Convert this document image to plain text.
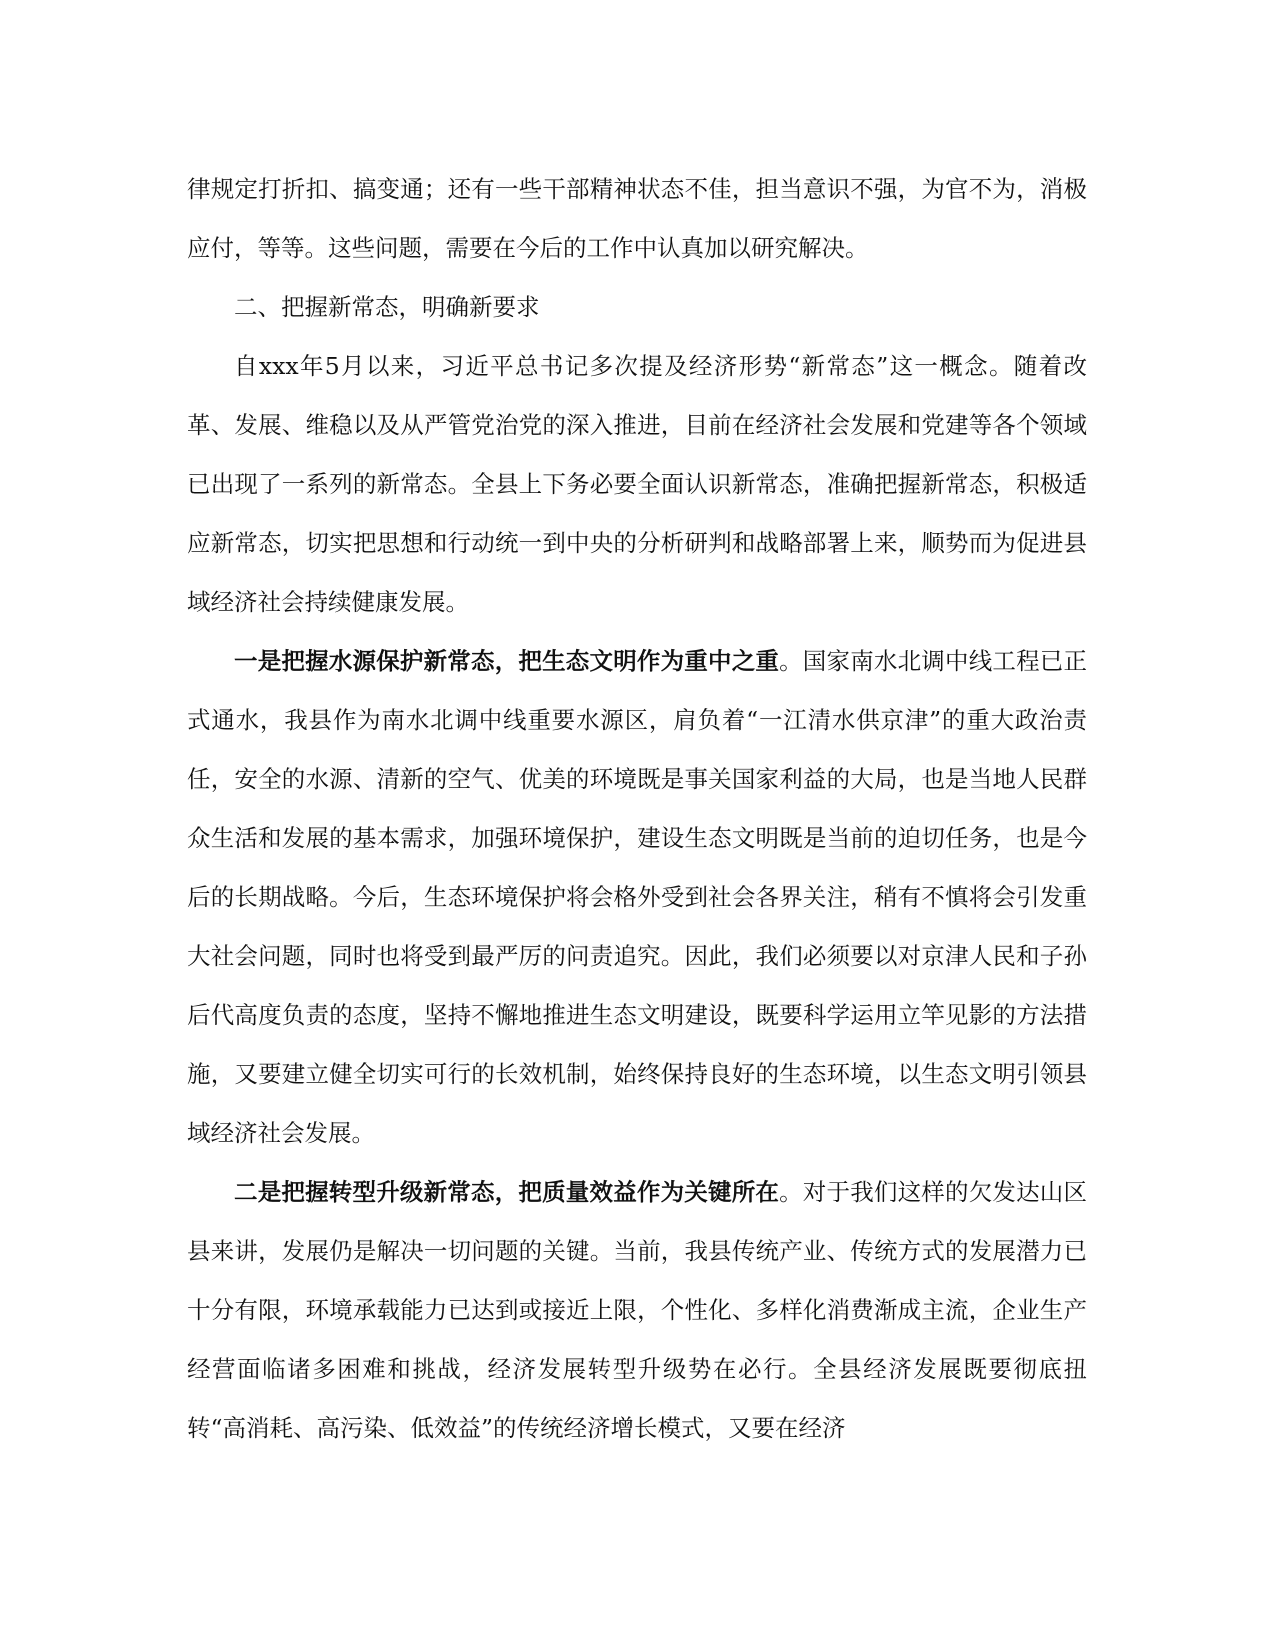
律规定打折扣、搞变通；还有一些干部精神状态不佳，担当意识不强，为官不为，消极应付，等等。这些问题，需要在今后的工作中认真加以研究解决。

二、把握新常态，明确新要求

自xxx年5月以来，习近平总书记多次提及经济形势“新常态”这一概念。随着改革、发展、维稳以及从严管党治党的深入推进，目前在经济社会发展和党建等各个领域已出现了一系列的新常态。全县上下务必要全面认识新常态，准确把握新常态，积极适应新常态，切实把思想和行动统一到中央的分析研判和战略部署上来，顺势而为促进县域经济社会持续健康发展。

一是把握水源保护新常态，把生态文明作为重中之重。国家南水北调中线工程已正式通水，我县作为南水北调中线重要水源区，肩负着“一江清水供京津”的重大政治责任，安全的水源、清新的空气、优美的环境既是事关国家利益的大局，也是当地人民群众生活和发展的基本需求，加强环境保护，建设生态文明既是当前的迫切任务，也是今后的长期战略。今后，生态环境保护将会格外受到社会各界关注，稍有不慎将会引发重大社会问题，同时也将受到最严厉的问责追究。因此，我们必须要以对京津人民和子孙后代高度负责的态度，坚持不懈地推进生态文明建设，既要科学运用立竿见影的方法措施，又要建立健全切实可行的长效机制，始终保持良好的生态环境，以生态文明引领县域经济社会发展。

二是把握转型升级新常态，把质量效益作为关键所在。对于我们这样的欠发达山区县来讲，发展仍是解决一切问题的关键。当前，我县传统产业、传统方式的发展潜力已十分有限，环境承载能力已达到或接近上限，个性化、多样化消费渐成主流，企业生产经营面临诸多困难和挑战，经济发展转型升级势在必行。全县经济发展既要彻底扭转“高消耗、高污染、低效益”的传统经济增长模式，又要在经济
